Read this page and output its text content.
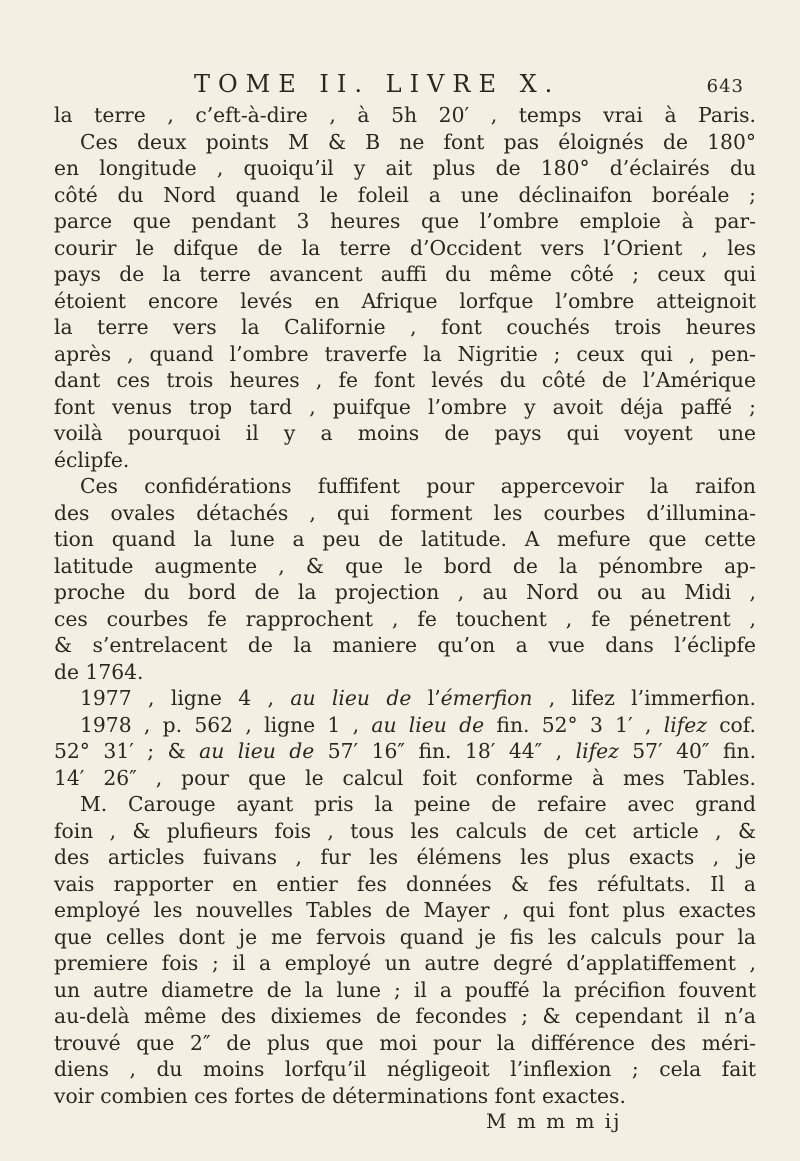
TOME II. LIVRE X.	643

la terre , c’eft-à-dire , à 5h 20′ , temps vrai à Paris.
Ces deux points M & B ne font pas éloignés de 180°
en longitude , quoiqu’il y ait plus de 180° d’éclairés du
côté du Nord quand le foleil a une déclinaifon boréale ;
parce que pendant 3 heures que l’ombre emploie à par-
courir le difque de la terre d’Occident vers l’Orient , les
pays de la terre avancent auffi du même côté ; ceux qui
étoient encore levés en Afrique lorfque l’ombre atteignoit
la terre vers la Californie , font couchés trois heures
après , quand l’ombre traverfe la Nigritie ; ceux qui , pen-
dant ces trois heures , fe font levés du côté de l’Amérique
font venus trop tard , puifque l’ombre y avoit déja paffé ;
voilà pourquoi il y a moins de pays qui voyent une
éclipfe.

Ces confidérations fuffifent pour appercevoir la raifon
des ovales détachés , qui forment les courbes d’illumina-
tion quand la lune a peu de latitude. A mefure que cette
latitude augmente , & que le bord de la pénombre ap-
proche du bord de la projection , au Nord ou au Midi ,
ces courbes fe rapprochent , fe touchent , fe pénetrent ,
& s’entrelacent de la maniere qu’on a vue dans l’éclipfe
de 1764.

1977 , ligne 4 , au lieu de l’émerfion , lifez l’immerfion.
1978 , p. 562 , ligne 1 , au lieu de fin. 52° 3 1′ , lifez cof.
52° 31′ ; & au lieu de 57′ 16″ fin. 18′ 44″ , lifez 57′ 40″ fin.
14′ 26″ , pour que le calcul foit conforme à mes Tables.

M. Carouge ayant pris la peine de refaire avec grand
foin , & plufieurs fois , tous les calculs de cet article , &
des articles fuivans , fur les élémens les plus exacts , je
vais rapporter en entier fes données & fes réfultats. Il a
employé les nouvelles Tables de Mayer , qui font plus exactes
que celles dont je me fervois quand je fis les calculs pour la
premiere fois ; il a employé un autre degré d’applatiffement ,
un autre diametre de la lune ; il a pouffé la précifion fouvent
au-delà même des dixiemes de fecondes ; & cependant il n’a
trouvé que 2″ de plus que moi pour la différence des méri-
diens , du moins lorfqu’il négligeoit l’inflexion ; cela fait
voir combien ces fortes de déterminations font exactes.

M m m m ij
